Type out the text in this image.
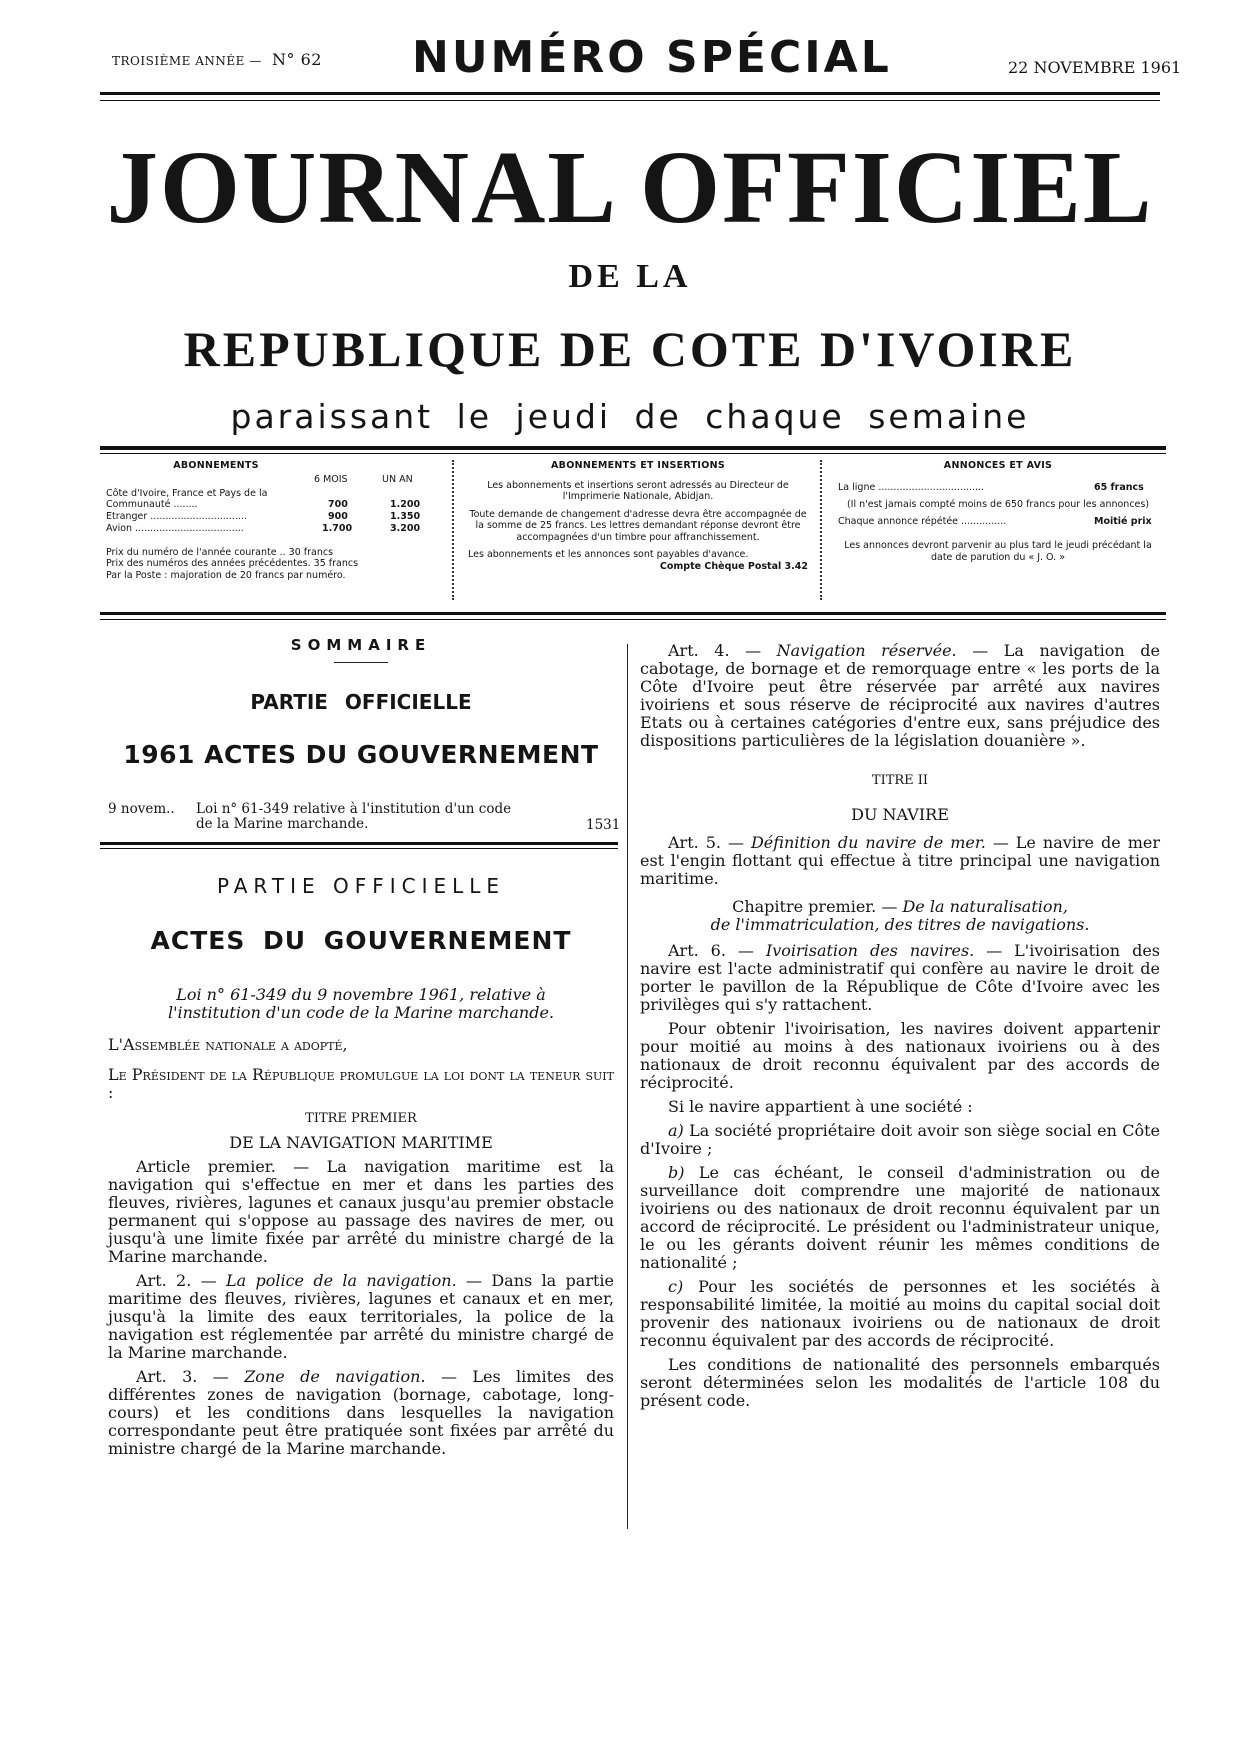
TROISIÈME ANNÉE — N° 62 NUMÉRO SPÉCIAL	22 NOVEMBRE 1961
JOURNAL OFFICIEL
DE LA
REPUBLIQUE DE COTE D'IVOIRE
paraissant le jeudi de chaque semaine
ABONNEMENTS
6 MOIS	UN AN
Côte d'Ivoire, France et Pays de la Communauté ........	700	1.200
Etranger ................................	900	1.350
Avion ....................................	1.700	3.200
Prix du numéro de l'année courante .. 30 francs
Prix des numéros des années précédentes. 35 francs
Par la Poste : majoration de 20 francs par numéro.
ABONNEMENTS ET INSERTIONS
Les abonnements et insertions seront adressés au Directeur de l'Imprimerie Nationale, Abidjan.
Toute demande de changement d'adresse devra être accompagnée de la somme de 25 francs. Les lettres demandant réponse devront être accompagnées d'un timbre pour affranchissement.
Les abonnements et les annonces sont payables d'avance.
Compte Chèque Postal 3.42
ANNONCES ET AVIS
La ligne ...................................	65 francs
(Il n'est jamais compté moins de 650 francs pour les annonces)
Chaque annonce répétée ...............	Moitié prix
Les annonces devront parvenir au plus tard le jeudi précédant la date de parution du « J. O. »
SOMMAIRE
PARTIE OFFICIELLE
1961 ACTES DU GOUVERNEMENT
9 novem.. Loi n° 61-349 relative à l'institution d'un code de la Marine marchande.	1531
PARTIE OFFICIELLE
ACTES DU GOUVERNEMENT

Loi n° 61-349 du 9 novembre 1961, relative à l'institution d'un code de la Marine marchande.

L'Assemblée nationale a adopté,

Le Président de la République promulgue la loi dont la teneur suit :

TITRE PREMIER

DE LA NAVIGATION MARITIME

Article premier. — La navigation maritime est la navigation qui s'effectue en mer et dans les parties des fleuves, rivières, lagunes et canaux jusqu'au premier obstacle permanent qui s'oppose au passage des navires de mer, ou jusqu'à une limite fixée par arrêté du ministre chargé de la Marine marchande.

Art. 2. — La police de la navigation. — Dans la partie maritime des fleuves, rivières, lagunes et canaux et en mer, jusqu'à la limite des eaux territoriales, la police de la navigation est réglementée par arrêté du ministre chargé de la Marine marchande.

Art. 3. — Zone de navigation. — Les limites des différentes zones de navigation (bornage, cabotage, long-cours) et les conditions dans lesquelles la navigation correspondante peut être pratiquée sont fixées par arrêté du ministre chargé de la Marine marchande.

Art. 4. — Navigation réservée. — La navigation de cabotage, de bornage et de remorquage entre « les ports de la Côte d'Ivoire peut être réservée par arrêté aux navires ivoiriens et sous réserve de réciprocité aux navires d'autres Etats ou à certaines catégories d'entre eux, sans préjudice des dispositions particulières de la législation douanière ».

TITRE II

DU NAVIRE

Art. 5. — Définition du navire de mer. — Le navire de mer est l'engin flottant qui effectue à titre principal une navigation maritime.

Chapitre premier. — De la naturalisation,
de l'immatriculation, des titres de navigations.

Art. 6. — Ivoirisation des navires. — L'ivoirisation des navire est l'acte administratif qui confère au navire le droit de porter le pavillon de la République de Côte d'Ivoire avec les privilèges qui s'y rattachent.

Pour obtenir l'ivoirisation, les navires doivent appartenir pour moitié au moins à des nationaux ivoiriens ou à des nationaux de droit reconnu équivalent par des accords de réciprocité.

Si le navire appartient à une société :

a) La société propriétaire doit avoir son siège social en Côte d'Ivoire ;

b) Le cas échéant, le conseil d'administration ou de surveillance doit comprendre une majorité de nationaux ivoiriens ou des nationaux de droit reconnu équivalent par un accord de réciprocité. Le président ou l'administrateur unique, le ou les gérants doivent réunir les mêmes conditions de nationalité ;

c) Pour les sociétés de personnes et les sociétés à responsabilité limitée, la moitié au moins du capital social doit provenir des nationaux ivoiriens ou de nationaux de droit reconnu équivalent par des accords de réciprocité.

Les conditions de nationalité des personnels embarqués seront déterminées selon les modalités de l'article 108 du présent code.
